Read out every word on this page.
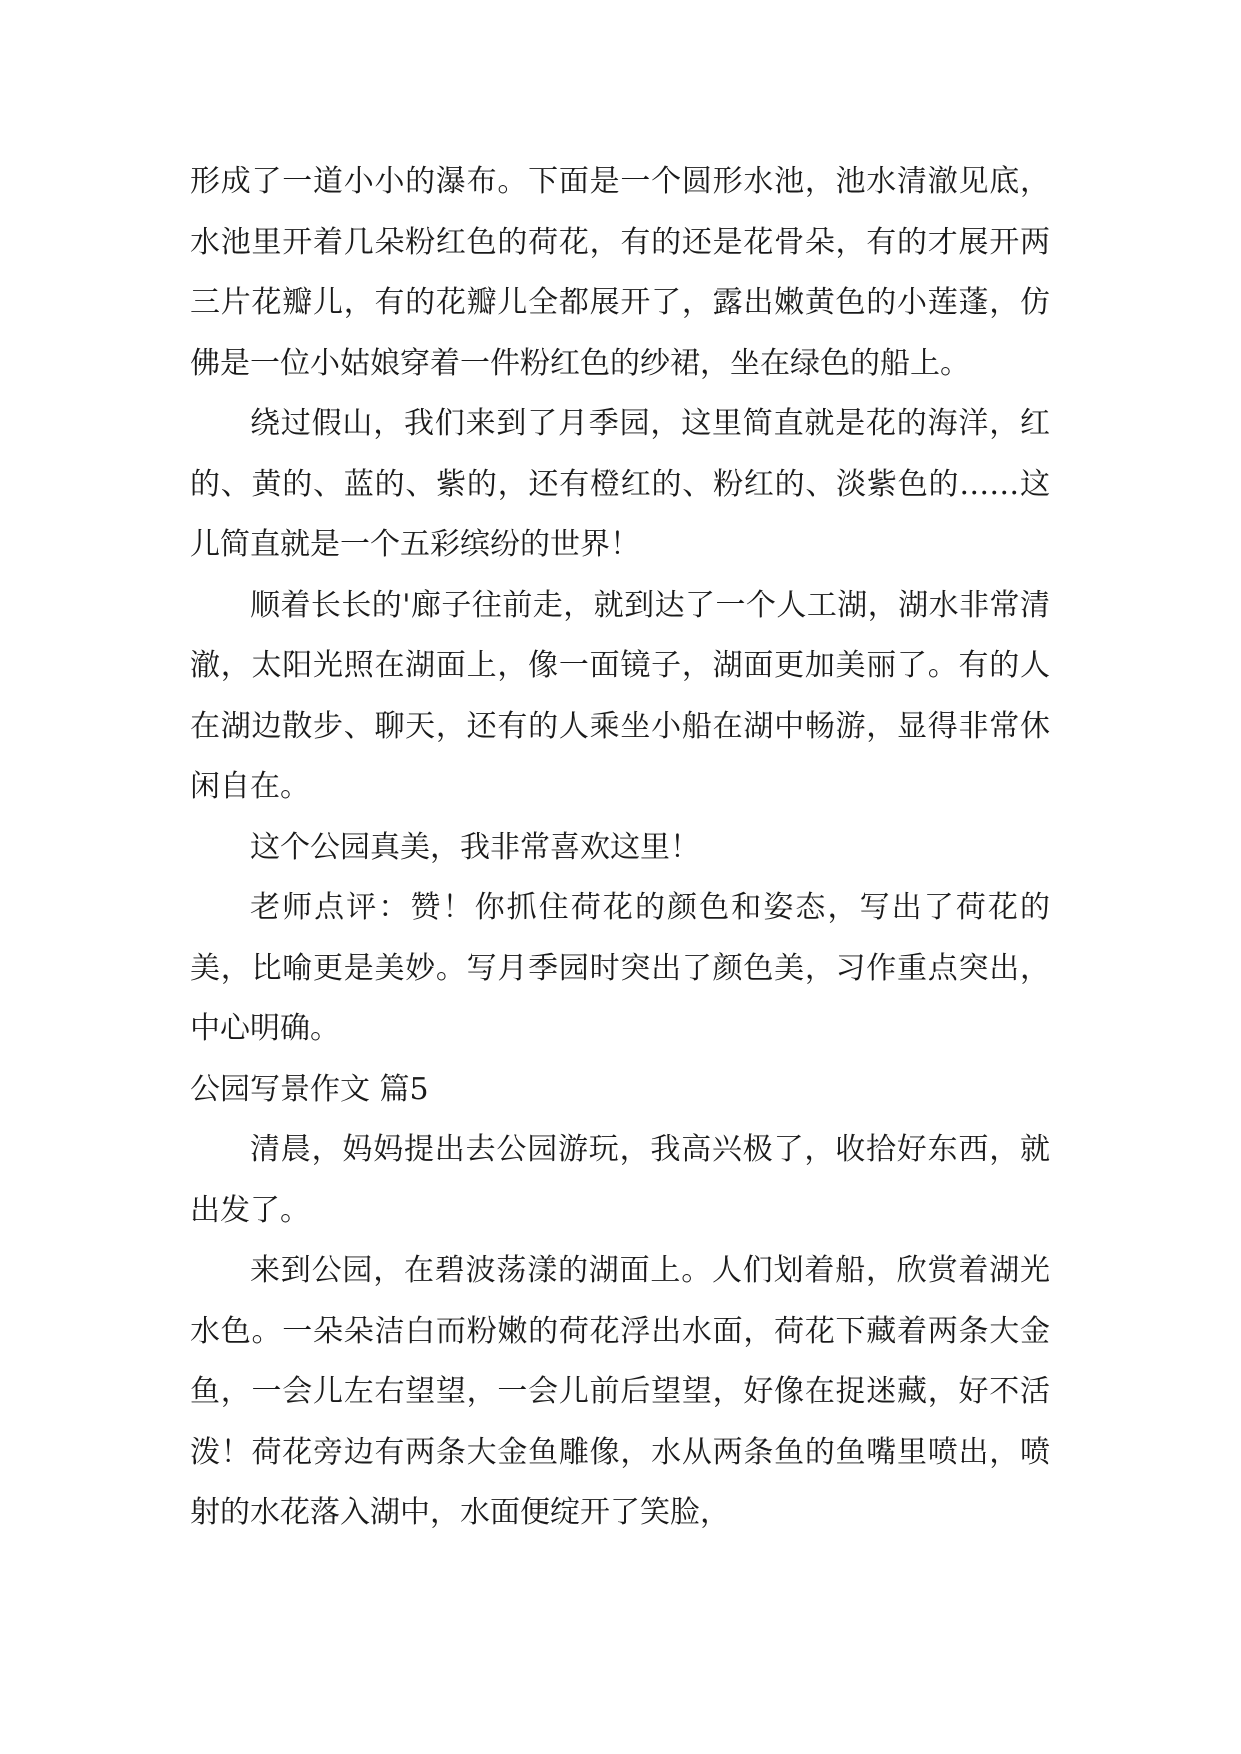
形成了一道小小的瀑布。下面是一个圆形水池，池水清澈见底，水池里开着几朵粉红色的荷花，有的还是花骨朵，有的才展开两三片花瓣儿，有的花瓣儿全都展开了，露出嫩黄色的小莲蓬，仿佛是一位小姑娘穿着一件粉红色的纱裙，坐在绿色的船上。

绕过假山，我们来到了月季园，这里简直就是花的海洋，红的、黄的、蓝的、紫的，还有橙红的、粉红的、淡紫色的……这儿简直就是一个五彩缤纷的世界！

顺着长长的'廊子往前走，就到达了一个人工湖，湖水非常清澈，太阳光照在湖面上，像一面镜子，湖面更加美丽了。有的人在湖边散步、聊天，还有的人乘坐小船在湖中畅游，显得非常休闲自在。

这个公园真美，我非常喜欢这里！

老师点评：赞！你抓住荷花的颜色和姿态，写出了荷花的美，比喻更是美妙。写月季园时突出了颜色美，习作重点突出，中心明确。

公园写景作文 篇5

清晨，妈妈提出去公园游玩，我高兴极了，收拾好东西，就出发了。

来到公园，在碧波荡漾的湖面上。人们划着船，欣赏着湖光水色。一朵朵洁白而粉嫩的荷花浮出水面，荷花下藏着两条大金鱼，一会儿左右望望，一会儿前后望望，好像在捉迷藏，好不活泼！荷花旁边有两条大金鱼雕像，水从两条鱼的鱼嘴里喷出，喷射的水花落入湖中，水面便绽开了笑脸，
